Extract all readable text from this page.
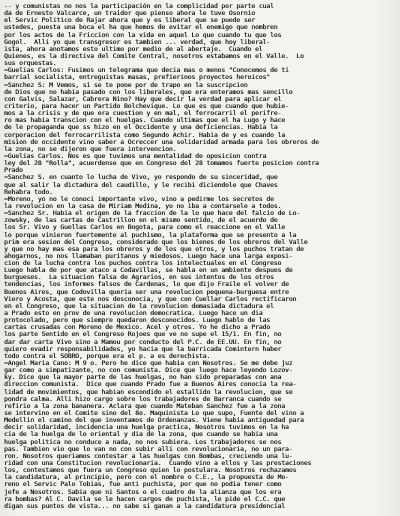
-- y comunistas no nos la participación en la complicidad por parte cual
da de Ernesto Valcarce, un traidor que pienso ahora le tuve Osornio
el Servic Politico de Rajar ahora que y es liberal que se puede ser
ustedes, puesta una boca el ha que hemos de evitar el enemigo que nombren
por los actos de la Friccion con la vida en aquel Lo que cuando tu que los
Gogol.  Alli yo que transgresor es tambien ... verdad, que hoy liberal-
ista, ahora anotamos esto ultimo por medio de al abertaje.  Cuando el
Quienes, es la directiva del Comite Central, nosotros estabamos en el Valle.  Lo
sus orquestas.
=Guelias Carlos: Fusimos un telegrama que decia mas o menos "Conocemos de ti
barrial socialista, entreguistas masas, prefierinos proyectos heroicos"
=Sanchez S: M Vemos, si se te pone por de trapo en la suscripcion
de Dios que no habia pasado con los liberales, que era enteramos mas sencillo
con Galvis, Salazar, Cabrera Nino? Hay que decir la verdad para aplicar el
criterio, para hacer un Partido Bolchevique. Lo que es que cuando que hubie-
mos a la crisis y de que era cuestion y en mal, el ferrocarril el perifre-
ro mas habia transcion con el huelgas. Cuando ultimas que el ha Lugo y hace
de le propaganda que ss hizo en el Occidente y una deficiencias. Habia la
corporacion del ferrocarrilista como Segundo Achir. Habia de y es cuando la
mision de occidente vino saber a Ocreccer una solidaridad armada para los obreros de
la zona, no se dijeron que fuera intervencion.
=Guelias Carlos. Nos es que tuvimos una mentalidad de oposicion contra
ley del 28 "Rolla", acuerdense que en Congreso del 28 tomamos fuerte posicion contra
Prado
=Sanchez S. en cuanto lo lucha de Vivo, yo respondo de su sinceridad, que
que al salir la dictadura del caudillo, y le recibi diciendole que Chaves
Rehabra todo.
=Moreno, yo no le conoci importante vivo, vino a pedirme los secretos de
la revolucion en la casa de Miriam Medina, yo no iba a contarsele a todos.
=Sanchez Sr. Habia el origen de la fraccion de la lo que hace del falcio de Lo-
zowsky, de las cartas de Castrillon en el mismo sentido, de el acuerdo de
los Sr. Vivo y Guellas Carlos en Bogota, para como el reaccione en el Valle
lo porque vinieron fuertemente al puchismo, la plataforma que se presento a la
prim era sesion del Congreso, considerado que los bienes de los obreros del Valle
y que no hay mas esa para los obreros y de los que otros, y los puchos tratan de
ahogarnos, no nos llamaban puritanos y miedosos. Luego hace una larga exposi-
cion de la lucha contra los puchos contra los intelectuales en el Congreso
Luego habla de por que ataco a Codavillas, se habla en un ambiente despues de
burgueses.  La situacion falsa de Agrarios, en sus intentos de los otros
tendencias, los informes falsos de Cardenas, lo que dijo Fraile el volver de
Buenos Aires, que Codovilla queria ser una revolucion pequena-burguesa entre
Viero y Acosta, que este nos desconocia, y que con Cuellar Carlos rectificaron
en el Congreso, que la situacion de la revolucion demasiada dictadura el
a Prado esto en prov de una revolucion democratica. Luego hace un dia
protocolado, pero que siempre quedaron desconocidos. Luego hablo de las
cartas crusadas con Moreno de Mexico. Acel y otros. Yo he dicho a Prado
los parte Sentido en el Congreso Rojoes que ve no supe el 15/1. En fin, no
dar dar carta Vivo sino a Mamou por conducto del P.C. de EE.UU. En fin, no
quiero evadir responsabilidades, yo hacia que la barricada Comintern haber
todo contra el SOBRO, porque era el p. a es derechista.
=Angel Maria Cano: M 9 o. Pero he dice que habia con Nosotros. Se me debe juz
gar como a simpatizante, no con comunista. Dice que luego hace leyendo Lozov-
ky. Dice que la mayor parte de las huelgas, no han sido preparadas con ana
direccion comunista.  Dice que cuando Prado fue a Buenos Aires conocia la rea-
lidad de movimientos, que habian escondido el estallido la revolucion, que se
pondra calma. Alli hizo cargo sobre los trabajadores de Barranca cuando se
refirio a la zona bananera. Aclara que cuando Mateban Sanchez fue a la zona
se intervino en el Comite sino del 8o. Maquinista Lo que supo, Fuente del vino a
Medellin el camino del que inventamos de Ordenanzas. Viene habia antiguedad para
decir solidaridad, incidencia una huelga practica, Nosotros tuvimos en la ha
cia de la huelga de lo oriental y dia de la zona, que cuando se habia una
huelga politica no conduce a nada, no nos subiera. Los trabajadores se nos
pas. Tambien vio que lo van no con subir alli con revolucionaria, no un para-
ron. Nosotros queriamos contestar a las huelgas con Bombas, creciendo una lu-
ridad con una Constitucion revolucionaria.  Cuando vino a ellos y las prestaciones
los, contestamos que fuera un Congreso quien lo postulara. Nosotros rechazamos
la candidatura, al principio, pero con el nombre o C.E., la propuesta de Mo-
reno el Servic Palo Tobias, fue anti puchista, por que no podia tener como
jefe a Nosotros. Sabia que ni Santos o el cuadro de la alianza que los era
ra bombas? Al C. Davila se le hacen cargos de puchista, le pide el C.C. que
digan sus puntos de vista... no sabe si ganan a la candidatura presidencial
